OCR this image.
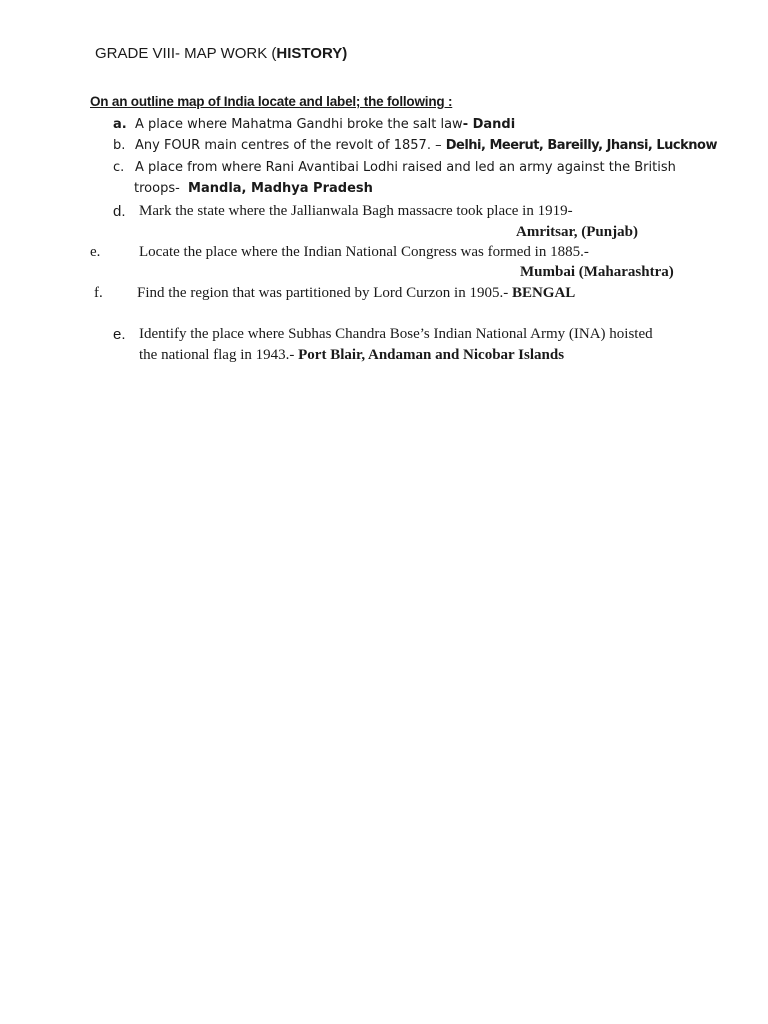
GRADE VIII- MAP WORK (HISTORY)
On an outline map of India locate and label; the following :
a. A place where Mahatma Gandhi broke the salt law- Dandi
b. Any FOUR main centres of the revolt of 1857. – Delhi, Meerut, Bareilly, Jhansi, Lucknow
c. A place from where Rani Avantibai Lodhi raised and led an army against the British
troops- Mandla, Madhya Pradesh
d. Mark the state where the Jallianwala Bagh massacre took place in 1919-
Amritsar, (Punjab)
e.	Locate the place where the Indian National Congress was formed in 1885.-
Mumbai (Maharashtra)
f. Find the region that was partitioned by Lord Curzon in 1905.- BENGAL
e. Identify the place where Subhas Chandra Bose’s Indian National Army (INA) hoisted
the national flag in 1943.- Port Blair, Andaman and Nicobar Islands
